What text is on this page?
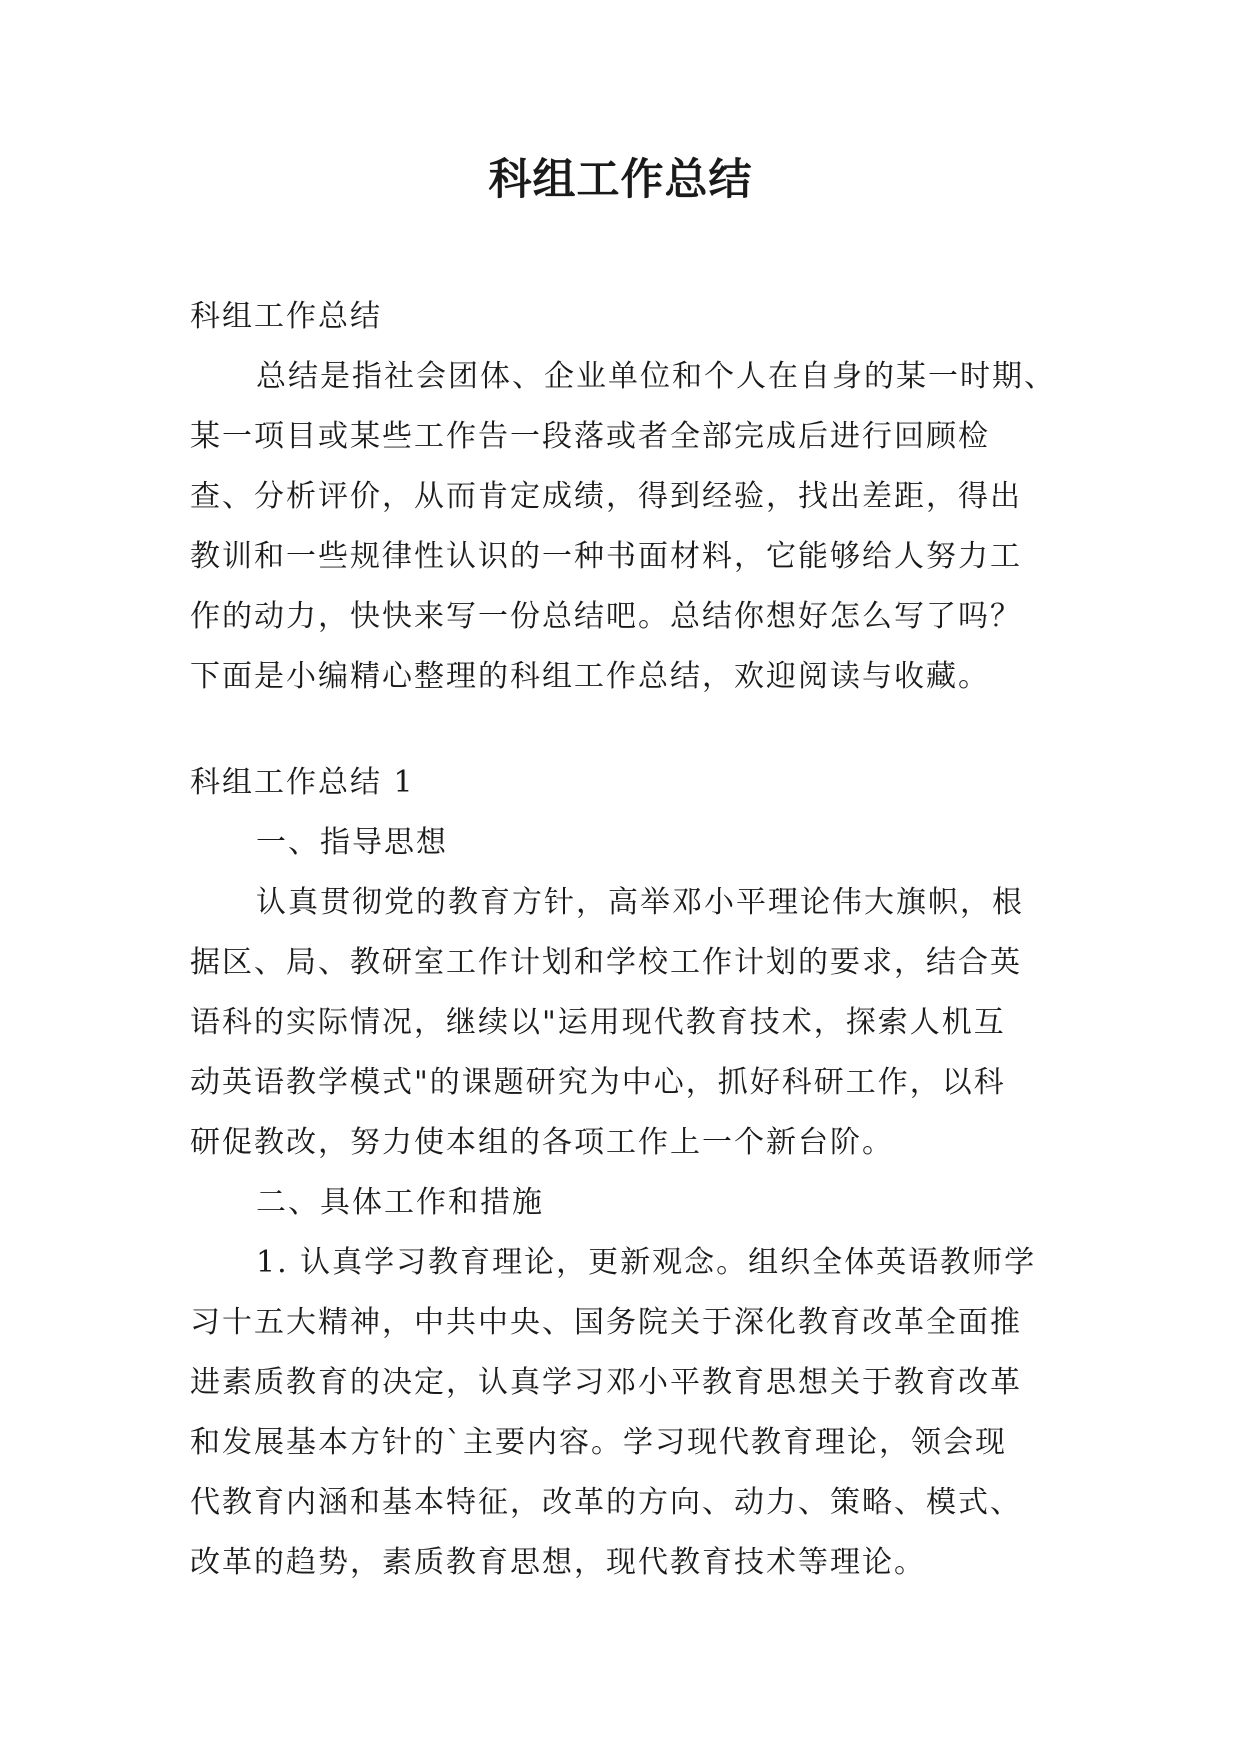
科组工作总结

科组工作总结

总结是指社会团体、企业单位和个人在自身的某一时期、
某一项目或某些工作告一段落或者全部完成后进行回顾检
查、分析评价，从而肯定成绩，得到经验，找出差距，得出
教训和一些规律性认识的一种书面材料，它能够给人努力工
作的动力，快快来写一份总结吧。总结你想好怎么写了吗？
下面是小编精心整理的科组工作总结，欢迎阅读与收藏。

科组工作总结 1

一、指导思想
认真贯彻党的教育方针，高举邓小平理论伟大旗帜，根
据区、局、教研室工作计划和学校工作计划的要求，结合英
语科的实际情况，继续以"运用现代教育技术，探索人机互
动英语教学模式"的课题研究为中心，抓好科研工作，以科
研促教改，努力使本组的各项工作上一个新台阶。
二、具体工作和措施
1. 认真学习教育理论，更新观念。组织全体英语教师学
习十五大精神，中共中央、国务院关于深化教育改革全面推
进素质教育的决定，认真学习邓小平教育思想关于教育改革
和发展基本方针的`主要内容。学习现代教育理论，领会现
代教育内涵和基本特征，改革的方向、动力、策略、模式、
改革的趋势，素质教育思想，现代教育技术等理论。
